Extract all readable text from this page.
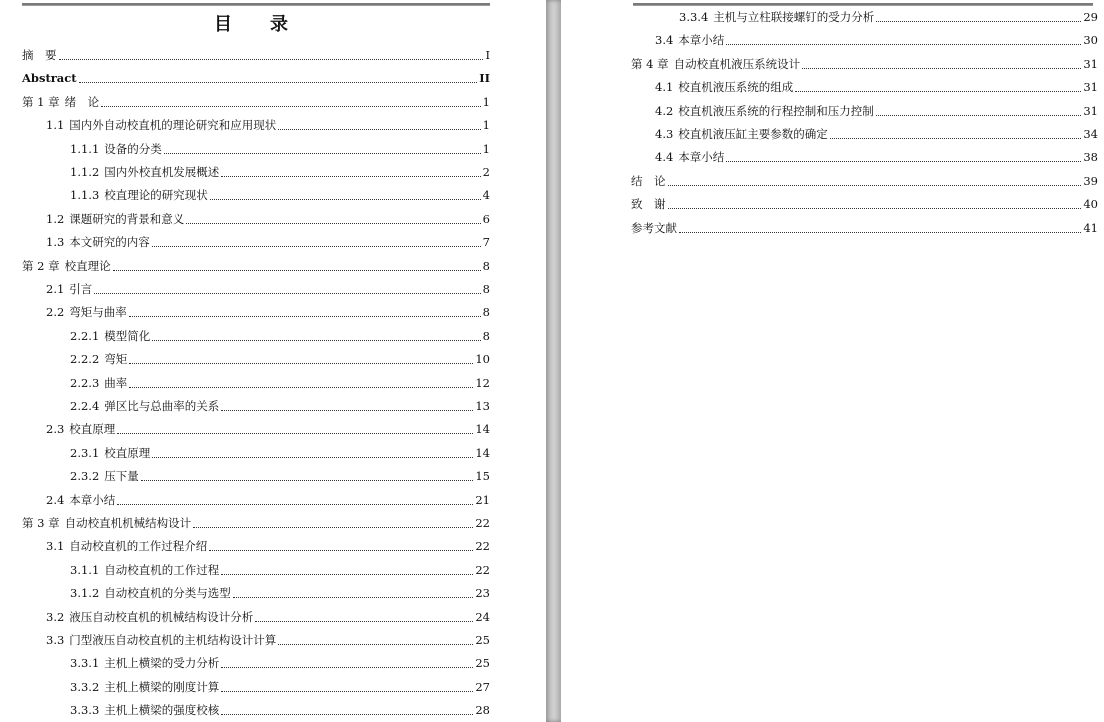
目　录
摘　要	I
Abstract	II
第 1 章 绪　论	1
1.1 国内外自动校直机的理论研究和应用现状	1
1.1.1 设备的分类	1
1.1.2 国内外校直机发展概述	2
1.1.3 校直理论的研究现状	4
1.2 课题研究的背景和意义	6
1.3 本文研究的内容	7
第 2 章 校直理论	8
2.1 引言	8
2.2 弯矩与曲率	8
2.2.1 模型简化	8
2.2.2 弯矩	10
2.2.3 曲率	12
2.2.4 弹区比与总曲率的关系	13
2.3 校直原理	14
2.3.1 校直原理	14
2.3.2 压下量	15
2.4 本章小结	21
第 3 章 自动校直机机械结构设计	22
3.1 自动校直机的工作过程介绍	22
3.1.1 自动校直机的工作过程	22
3.1.2 自动校直机的分类与选型	23
3.2 液压自动校直机的机械结构设计分析	24
3.3 门型液压自动校直机的主机结构设计计算	25
3.3.1 主机上横梁的受力分析	25
3.3.2 主机上横梁的刚度计算	27
3.3.3 主机上横梁的强度校核	28
3.3.4 主机与立柱联接螺钉的受力分析	29
3.4 本章小结	30
第 4 章 自动校直机液压系统设计	31
4.1 校直机液压系统的组成	31
4.2 校直机液压系统的行程控制和压力控制	31
4.3 校直机液压缸主要参数的确定	34
4.4 本章小结	38
结　论	39
致　谢	40
参考文献	41
